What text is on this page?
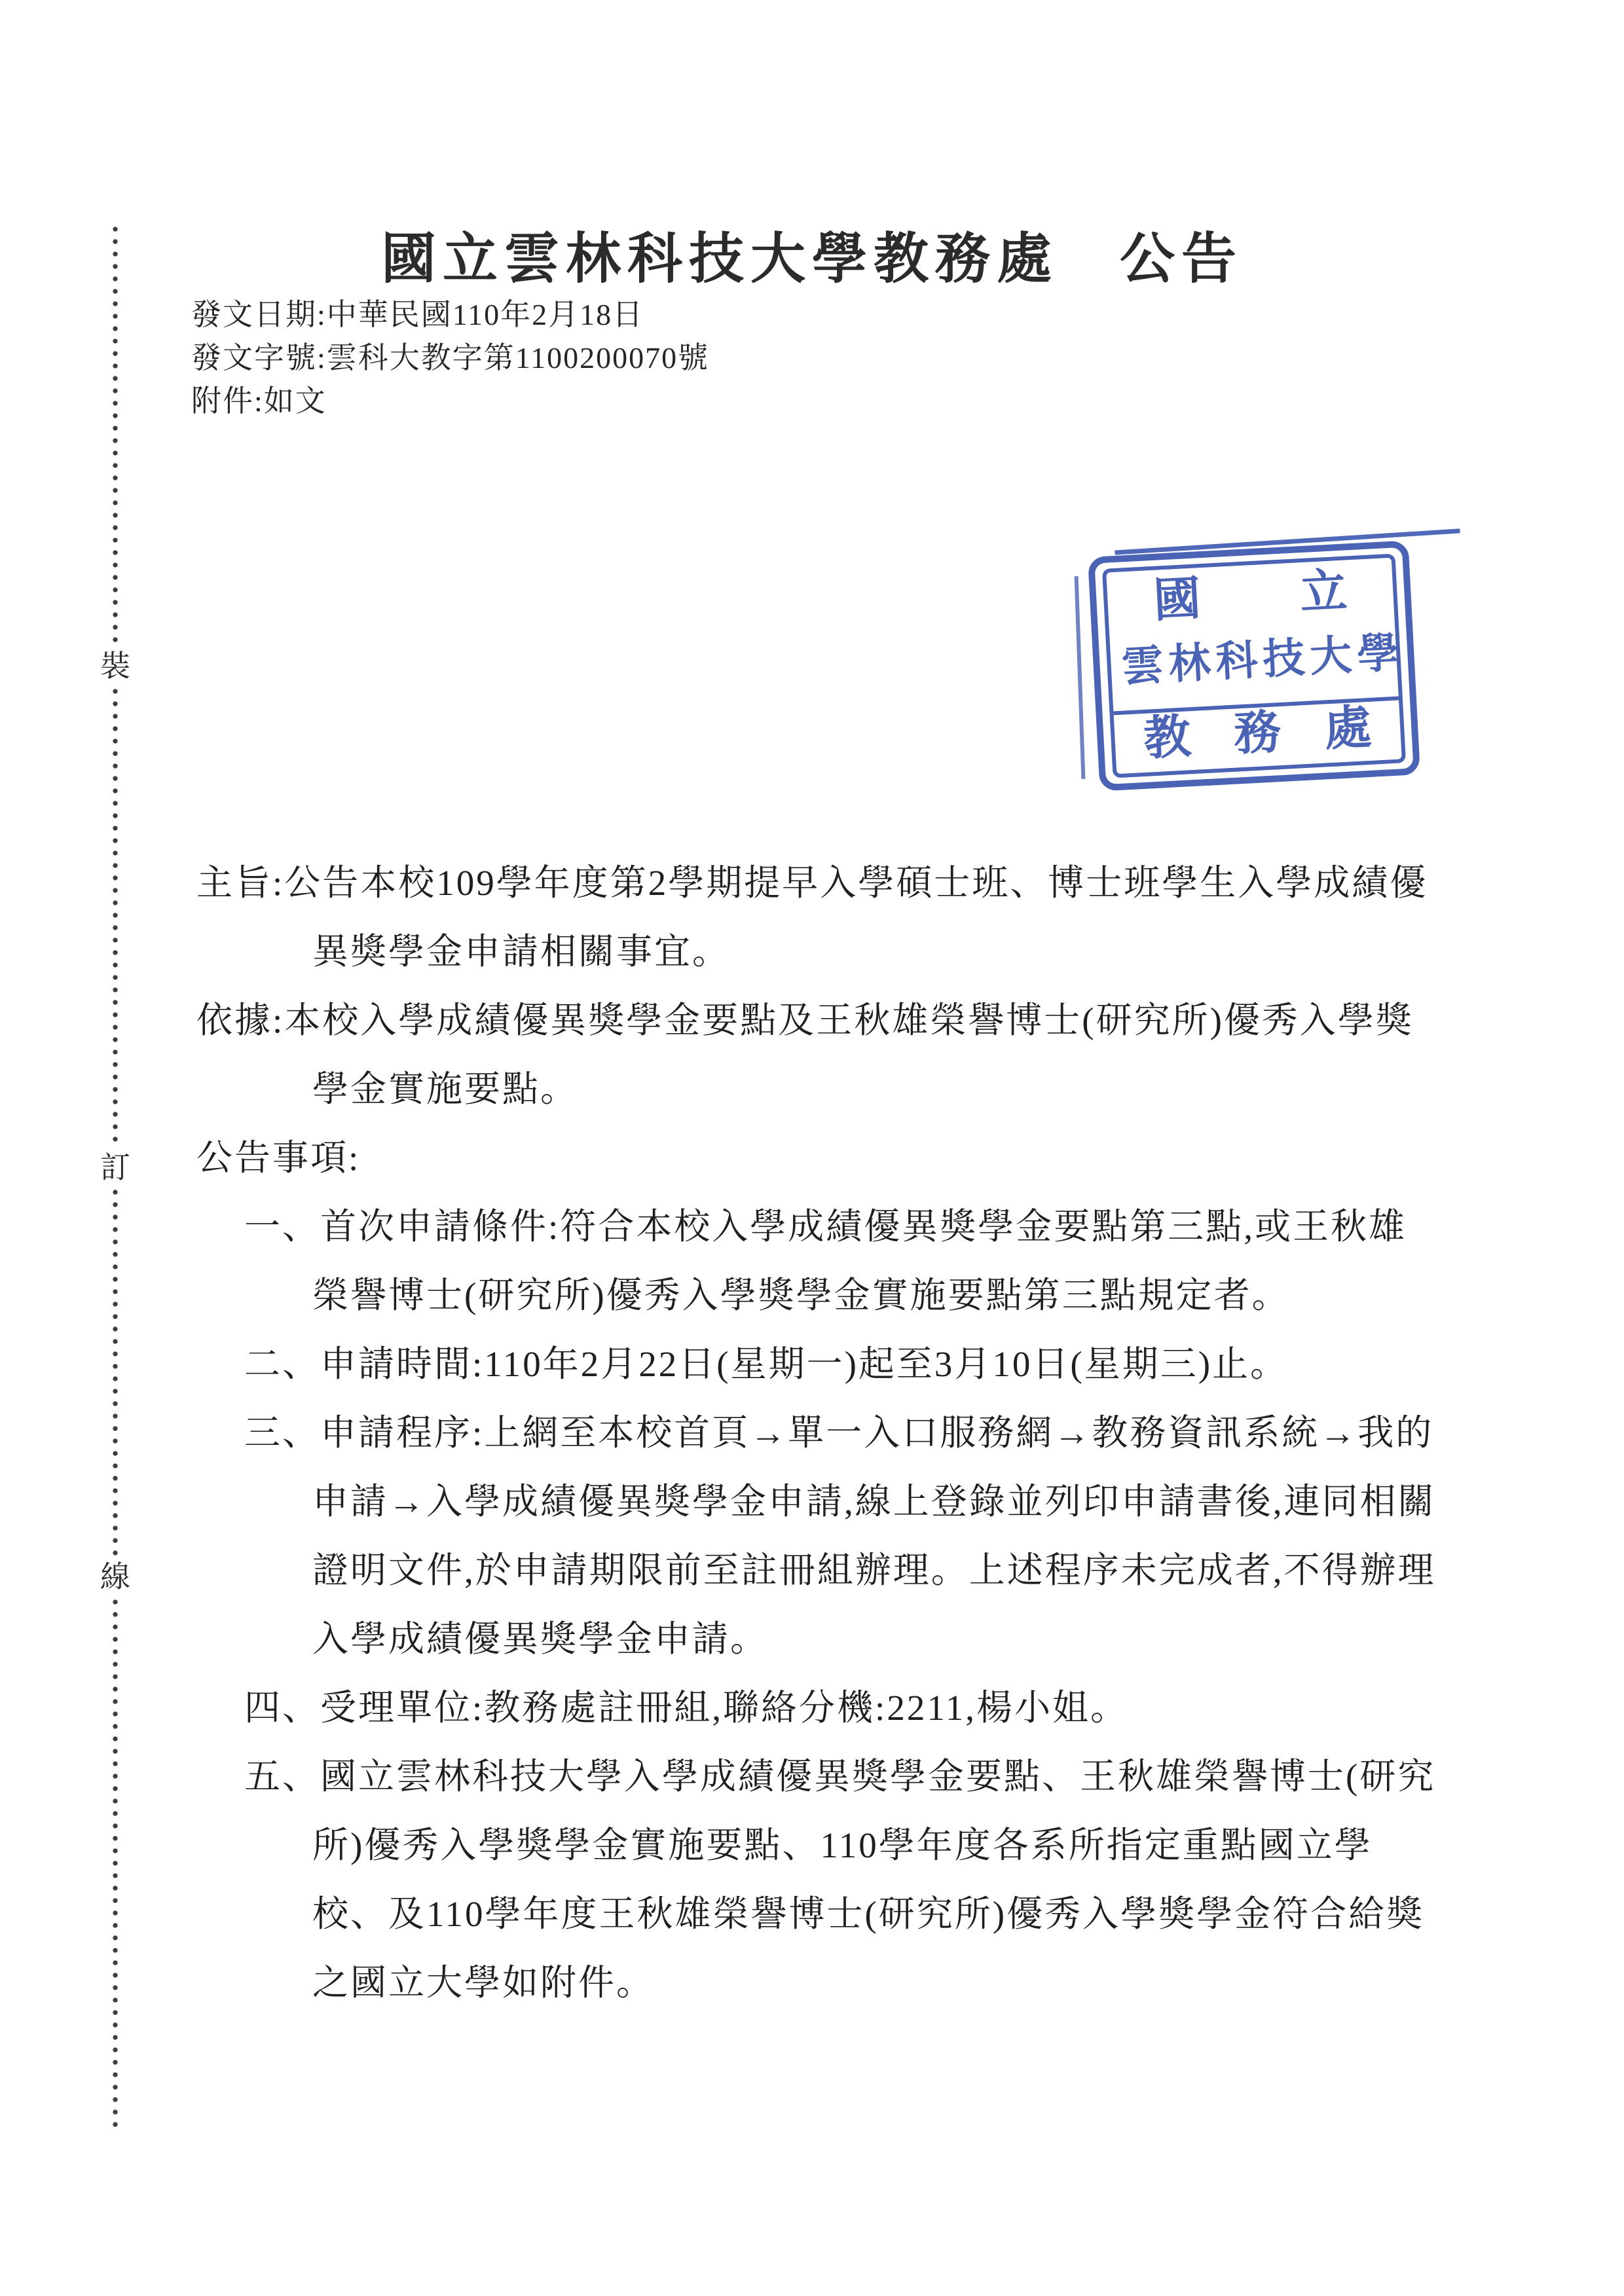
裝
訂
線
國立雲林科技大學教務處　公告
發文日期:中華民國110年2月18日
發文字號:雲科大教字第1100200070號
附件:如文
國 立
雲林科技大學
教 務 處

主旨:公告本校109學年度第2學期提早入學碩士班、博士班學生入學成績優異獎學金申請相關事宜。

依據:本校入學成績優異獎學金要點及王秋雄榮譽博士(研究所)優秀入學獎學金實施要點。

公告事項:

一、首次申請條件:符合本校入學成績優異獎學金要點第三點,或王秋雄榮譽博士(研究所)優秀入學獎學金實施要點第三點規定者。

二、申請時間:110年2月22日(星期一)起至3月10日(星期三)止。

三、申請程序:上網至本校首頁→單一入口服務網→教務資訊系統→我的申請→入學成績優異獎學金申請,線上登錄並列印申請書後,連同相關證明文件,於申請期限前至註冊組辦理。上述程序未完成者,不得辦理入學成績優異獎學金申請。

四、受理單位:教務處註冊組,聯絡分機:2211,楊小姐。

五、國立雲林科技大學入學成績優異獎學金要點、王秋雄榮譽博士(研究所)優秀入學獎學金實施要點、110學年度各系所指定重點國立學校、及110學年度王秋雄榮譽博士(研究所)優秀入學獎學金符合給獎之國立大學如附件。
